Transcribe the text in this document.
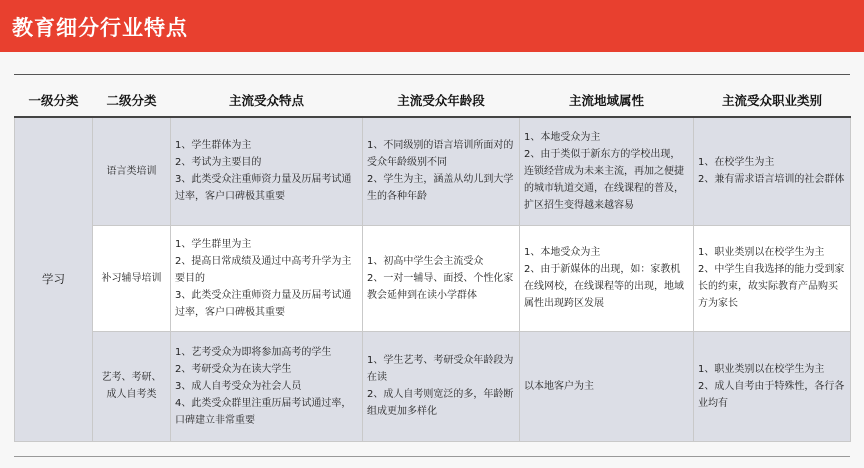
教育细分行业特点
一级分类	二级分类	主流受众特点	主流受众年龄段	主流地域属性	主流受众职业类别
学习	语言类培训	1、学生群体为主
2、考试为主要目的
3、此类受众注重师资力量及历届考试通过率，客户口碑极其重要	1、不同级别的语言培训所面对的受众年龄级别不同
2、学生为主，涵盖从幼儿到大学生的各种年龄	1、本地受众为主
2、由于类似于新东方的学校出现，连锁经营成为未来主流，再加之便捷的城市轨道交通，在线课程的普及，扩区招生变得越来越容易	1、在校学生为主
2、兼有需求语言培训的社会群体

	补习辅导培训	1、学生群里为主
2、提高日常成绩及通过中高考升学为主要目的
3、此类受众注重师资力量及历届考试通过率，客户口碑极其重要	1、初高中学生会主流受众
2、一对一辅导、面授、个性化家教会延伸到在读小学群体	1、本地受众为主
2、由于新媒体的出现，如：家教机在线网校，在线课程等的出现，地域属性出现跨区发展	1、职业类别以在校学生为主
2、中学生自我选择的能力受到家长的约束，故实际教育产品购买方为家长

	艺考、考研、成人自考类	1、艺考受众为即将参加高考的学生
2、考研受众为在读大学生
3、成人自考受众为社会人员
4、此类受众群里注重历届考试通过率，口碑建立非常重要	1、学生艺考、考研受众年龄段为在读
2、成人自考则宽泛的多，年龄断组成更加多样化	以本地客户为主	1、职业类别以在校学生为主
2、成人自考由于特殊性，各行各业均有
